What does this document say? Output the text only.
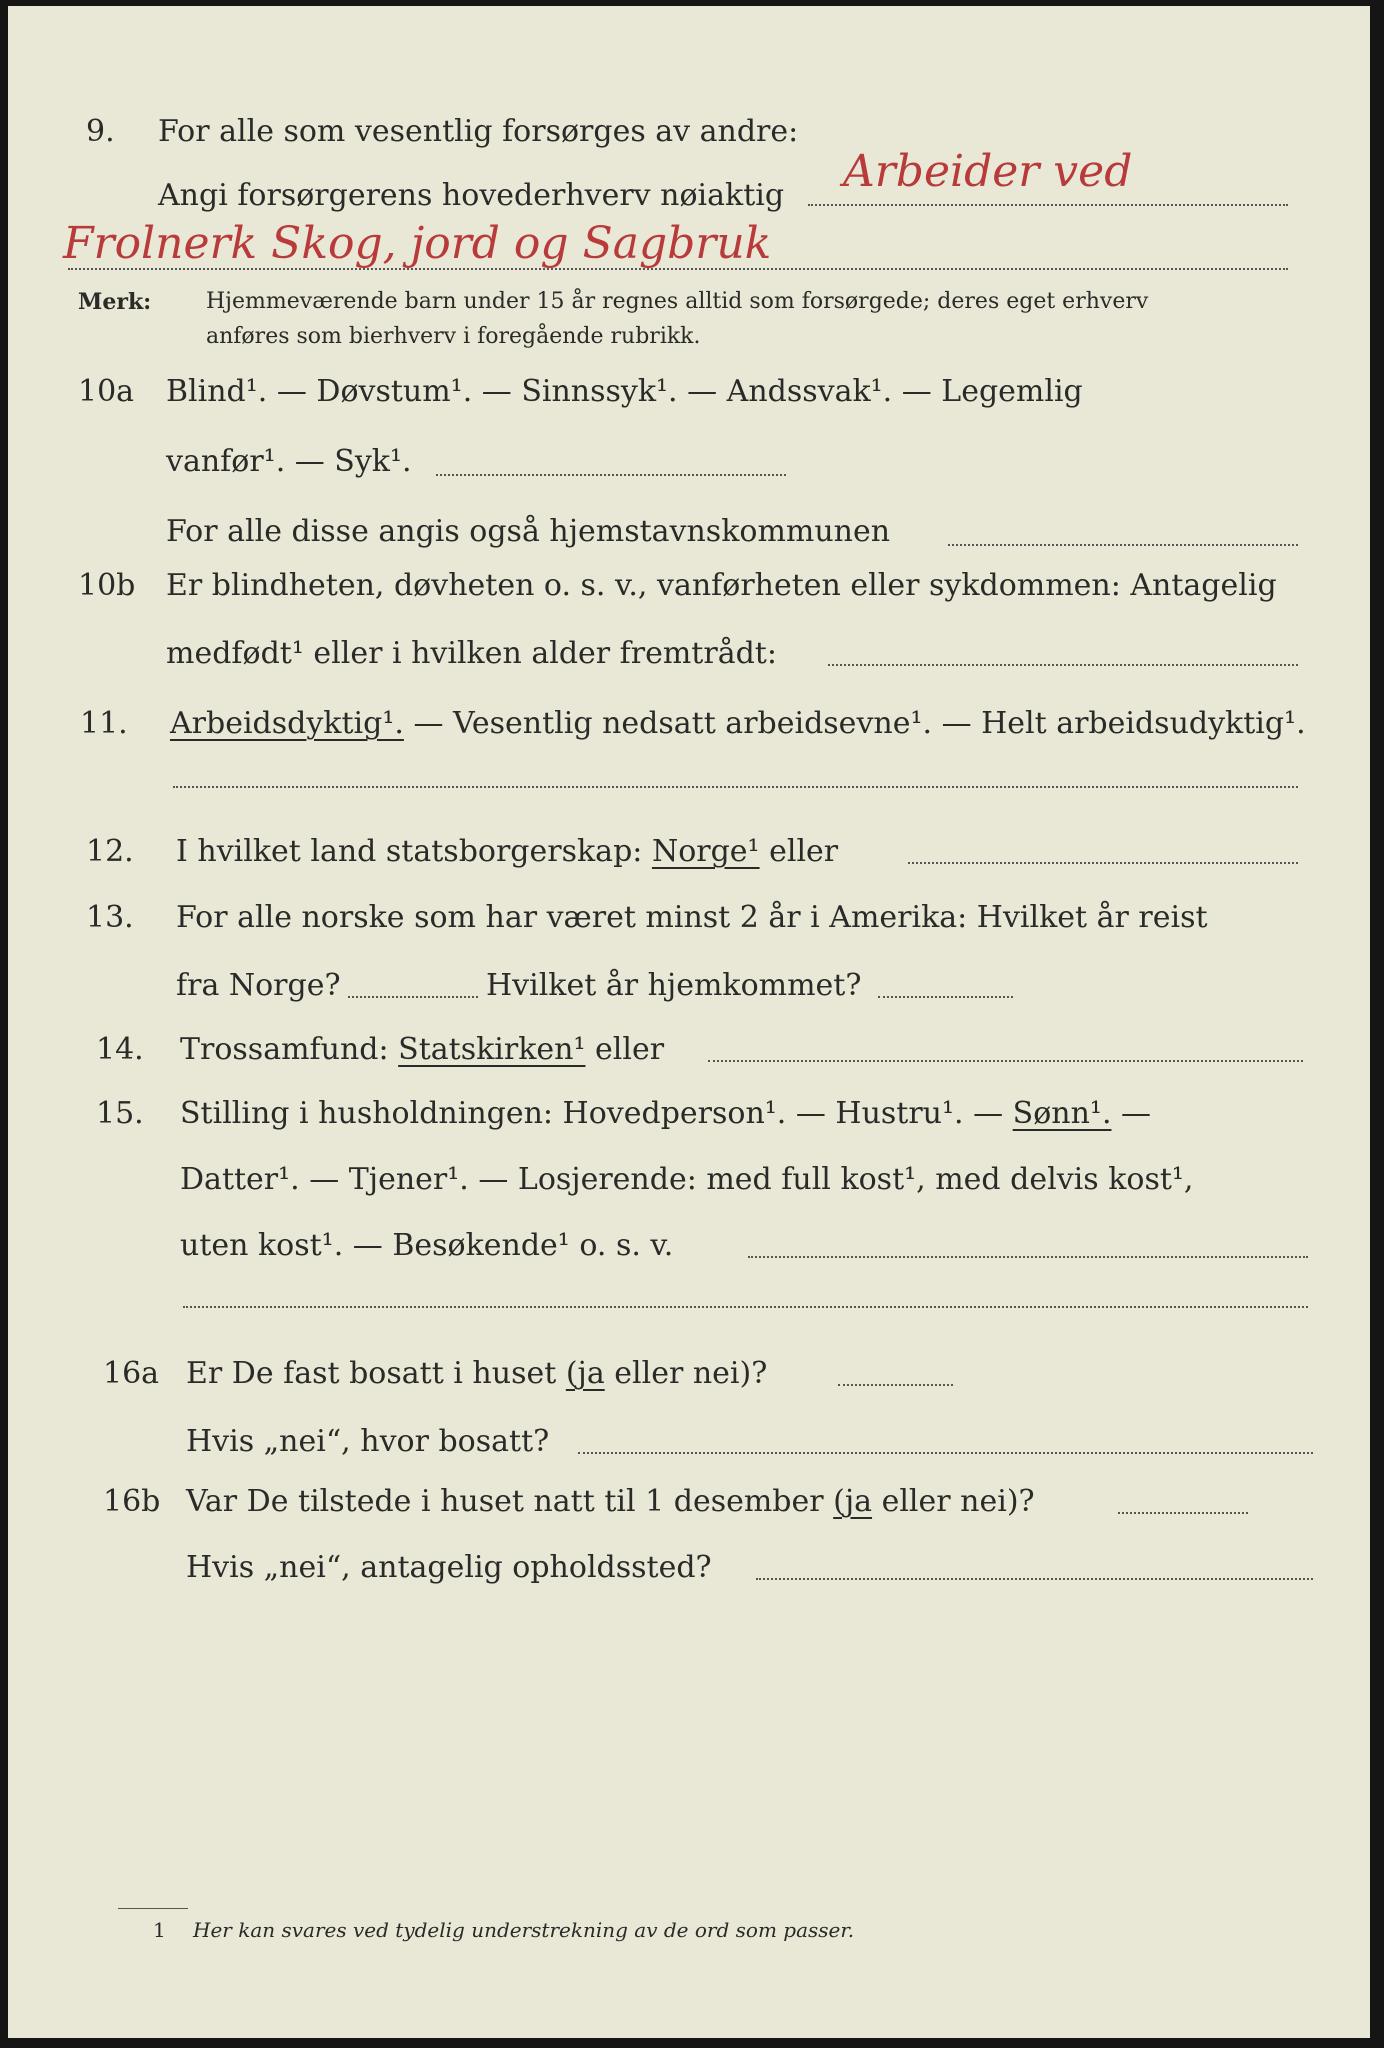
9.	For alle som vesentlig forsørges av andre:
Angi forsørgerens hovederhverv nøiaktig Arbeider ved
Frolnerk Skog, jord og Sagbruk
Merk: Hjemmeværende barn under 15 år regnes alltid som forsørgede; deres eget erhverv
anføres som bierhverv i foregående rubrikk.
10a	Blind¹. — Døvstum¹. — Sinnssyk¹. — Andssvak¹. — Legemlig
vanfør¹. — Syk¹.
For alle disse angis også hjemstavnskommunen
10b	Er blindheten, døvheten o. s. v., vanførheten eller sykdommen: Antagelig
medfødt¹ eller i hvilken alder fremtrådt:
11.	Arbeidsdyktig¹. — Vesentlig nedsatt arbeidsevne¹. — Helt arbeidsudyktig¹.
12.	I hvilket land statsborgerskap: Norge¹ eller
13.	For alle norske som har været minst 2 år i Amerika: Hvilket år reist
fra Norge?	Hvilket år hjemkommet?
14.	Trossamfund: Statskirken¹ eller
15.	Stilling i husholdningen: Hovedperson¹. — Hustru¹. — Sønn¹. —
Datter¹. — Tjener¹. — Losjerende: med full kost¹, med delvis kost¹,
uten kost¹. — Besøkende¹ o. s. v.
16a Er De fast bosatt i huset (ja eller nei)?
Hvis „nei“, hvor bosatt?
16b Var De tilstede i huset natt til 1 desember (ja eller nei)?
Hvis „nei“, antagelig opholdssted?
1 Her kan svares ved tydelig understrekning av de ord som passer.
